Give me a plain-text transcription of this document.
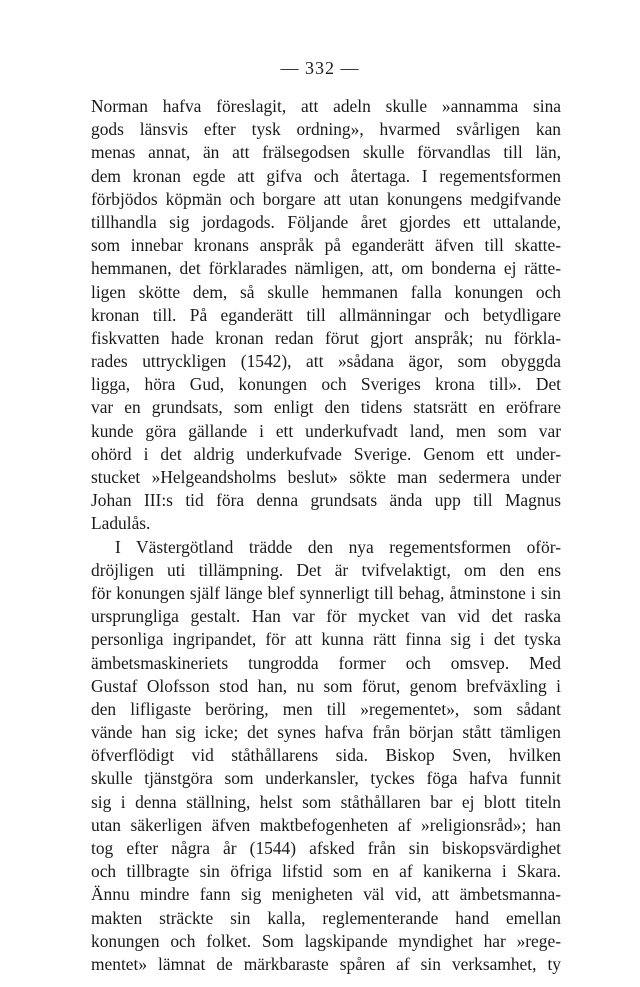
— 332 —
Norman hafva föreslagit, att adeln skulle »annamma sina
gods länsvis efter tysk ordning», hvarmed svårligen kan
menas annat, än att frälsegodsen skulle förvandlas till län,
dem kronan egde att gifva och återtaga. I regementsformen
förbjödos köpmän och borgare att utan konungens medgifvande
tillhandla sig jordagods. Följande året gjordes ett uttalande,
som innebar kronans anspråk på eganderätt äfven till skatte-
hemmanen, det förklarades nämligen, att, om bonderna ej rätte-
ligen skötte dem, så skulle hemmanen falla konungen och
kronan till. På eganderätt till allmänningar och betydligare
fiskvatten hade kronan redan förut gjort anspråk; nu förkla-
rades uttryckligen (1542), att »sådana ägor, som obyggda
ligga, höra Gud, konungen och Sveriges krona till». Det
var en grundsats, som enligt den tidens statsrätt en eröfrare
kunde göra gällande i ett underkufvadt land, men som var
ohörd i det aldrig underkufvade Sverige. Genom ett under-
stucket »Helgeandsholms beslut» sökte man sedermera under
Johan III:s tid föra denna grundsats ända upp till Magnus
Ladulås.
I Västergötland trädde den nya regementsformen oför-
dröjligen uti tillämpning. Det är tvifvelaktigt, om den ens
för konungen själf länge blef synnerligt till behag, åtminstone i sin
ursprungliga gestalt. Han var för mycket van vid det raska
personliga ingripandet, för att kunna rätt finna sig i det tyska
ämbetsmaskineriets tungrodda former och omsvep. Med
Gustaf Olofsson stod han, nu som förut, genom brefväxling i
den lifligaste beröring, men till »regementet», som sådant
vände han sig icke; det synes hafva från början stått tämligen
öfverflödigt vid ståthållarens sida. Biskop Sven, hvilken
skulle tjänstgöra som underkansler, tyckes föga hafva funnit
sig i denna ställning, helst som ståthållaren bar ej blott titeln
utan säkerligen äfven maktbefogenheten af »religionsråd»; han
tog efter några år (1544) afsked från sin biskopsvärdighet
och tillbragte sin öfriga lifstid som en af kanikerna i Skara.
Ännu mindre fann sig menigheten väl vid, att ämbetsmanna-
makten sträckte sin kalla, reglementerande hand emellan
konungen och folket. Som lagskipande myndighet har »rege-
mentet» lämnat de märkbaraste spåren af sin verksamhet, ty
